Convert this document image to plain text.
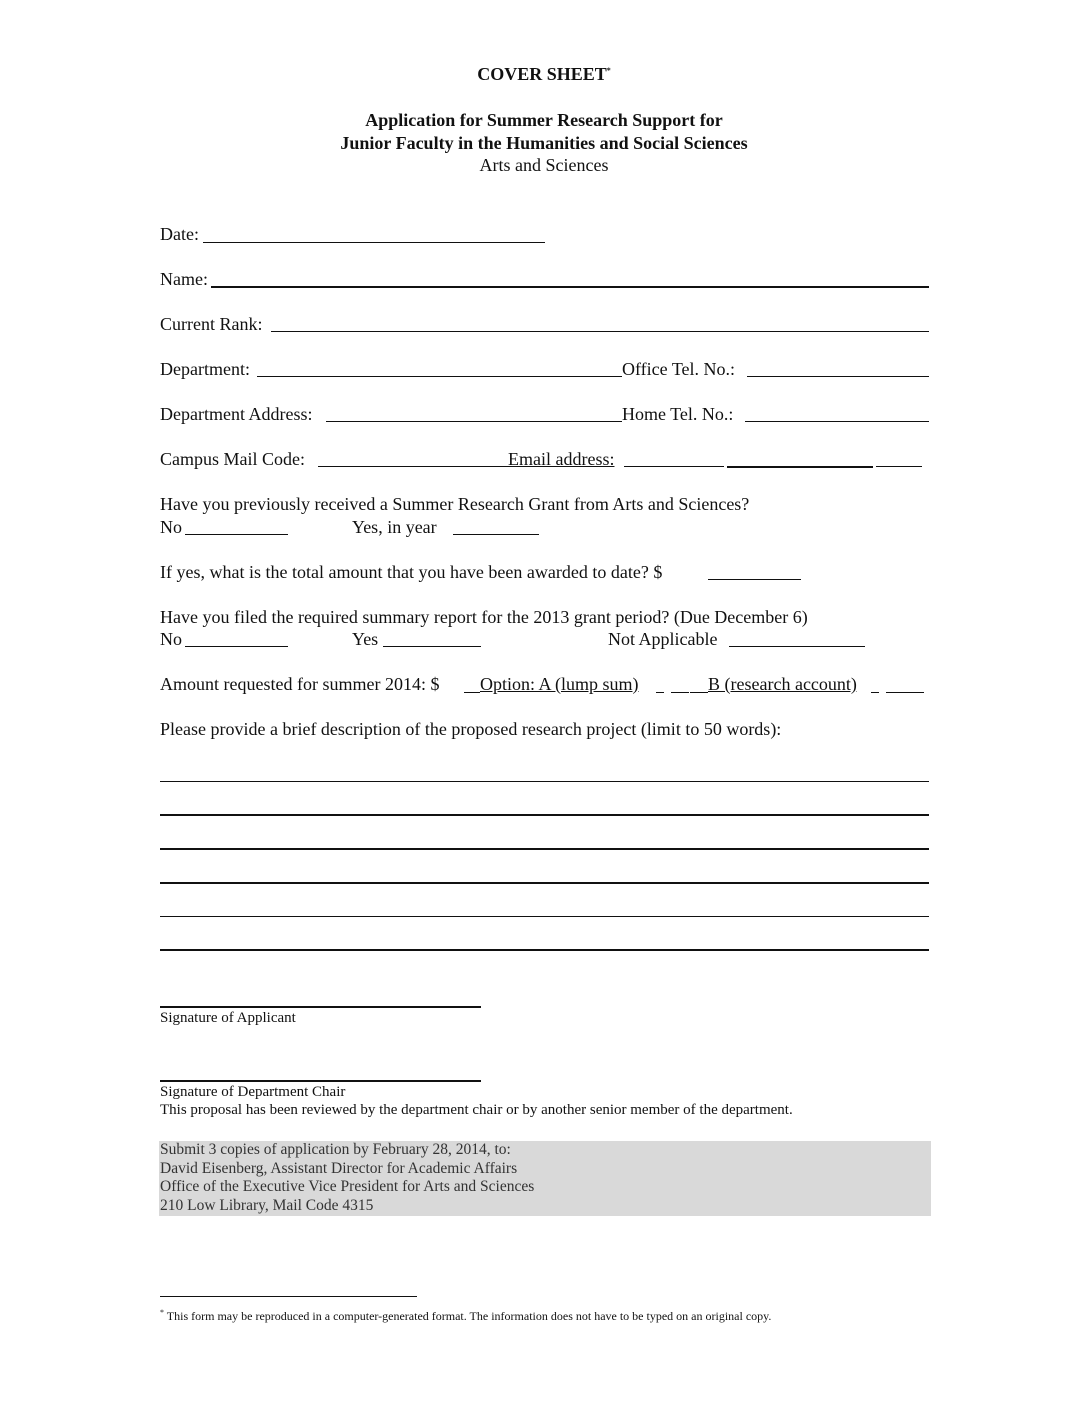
COVER SHEET*
Application for Summer Research Support for
Junior Faculty in the Humanities and Social Sciences
Arts and Sciences
Date:
Name:
Current Rank:
Department:	Office Tel. No.:
Department Address:	Home Tel. No.:
Campus Mail Code:	Email address:
Have you previously received a Summer Research Grant from Arts and Sciences?
No	Yes, in year
If yes, what is the total amount that you have been awarded to date? $
Have you filed the required summary report for the 2013 grant period? (Due December 6)
No	Yes	Not Applicable
Amount requested for summer 2014: $ Option: A (lump sum)	B (research account)
Please provide a brief description of the proposed research project (limit to 50 words):
Signature of Applicant
Signature of Department Chair
This proposal has been reviewed by the department chair or by another senior member of the department.
Submit 3 copies of application by February 28, 2014, to:
David Eisenberg, Assistant Director for Academic Affairs
Office of the Executive Vice President for Arts and Sciences
210 Low Library, Mail Code 4315
* This form may be reproduced in a computer-generated format. The information does not have to be typed on an original copy.
